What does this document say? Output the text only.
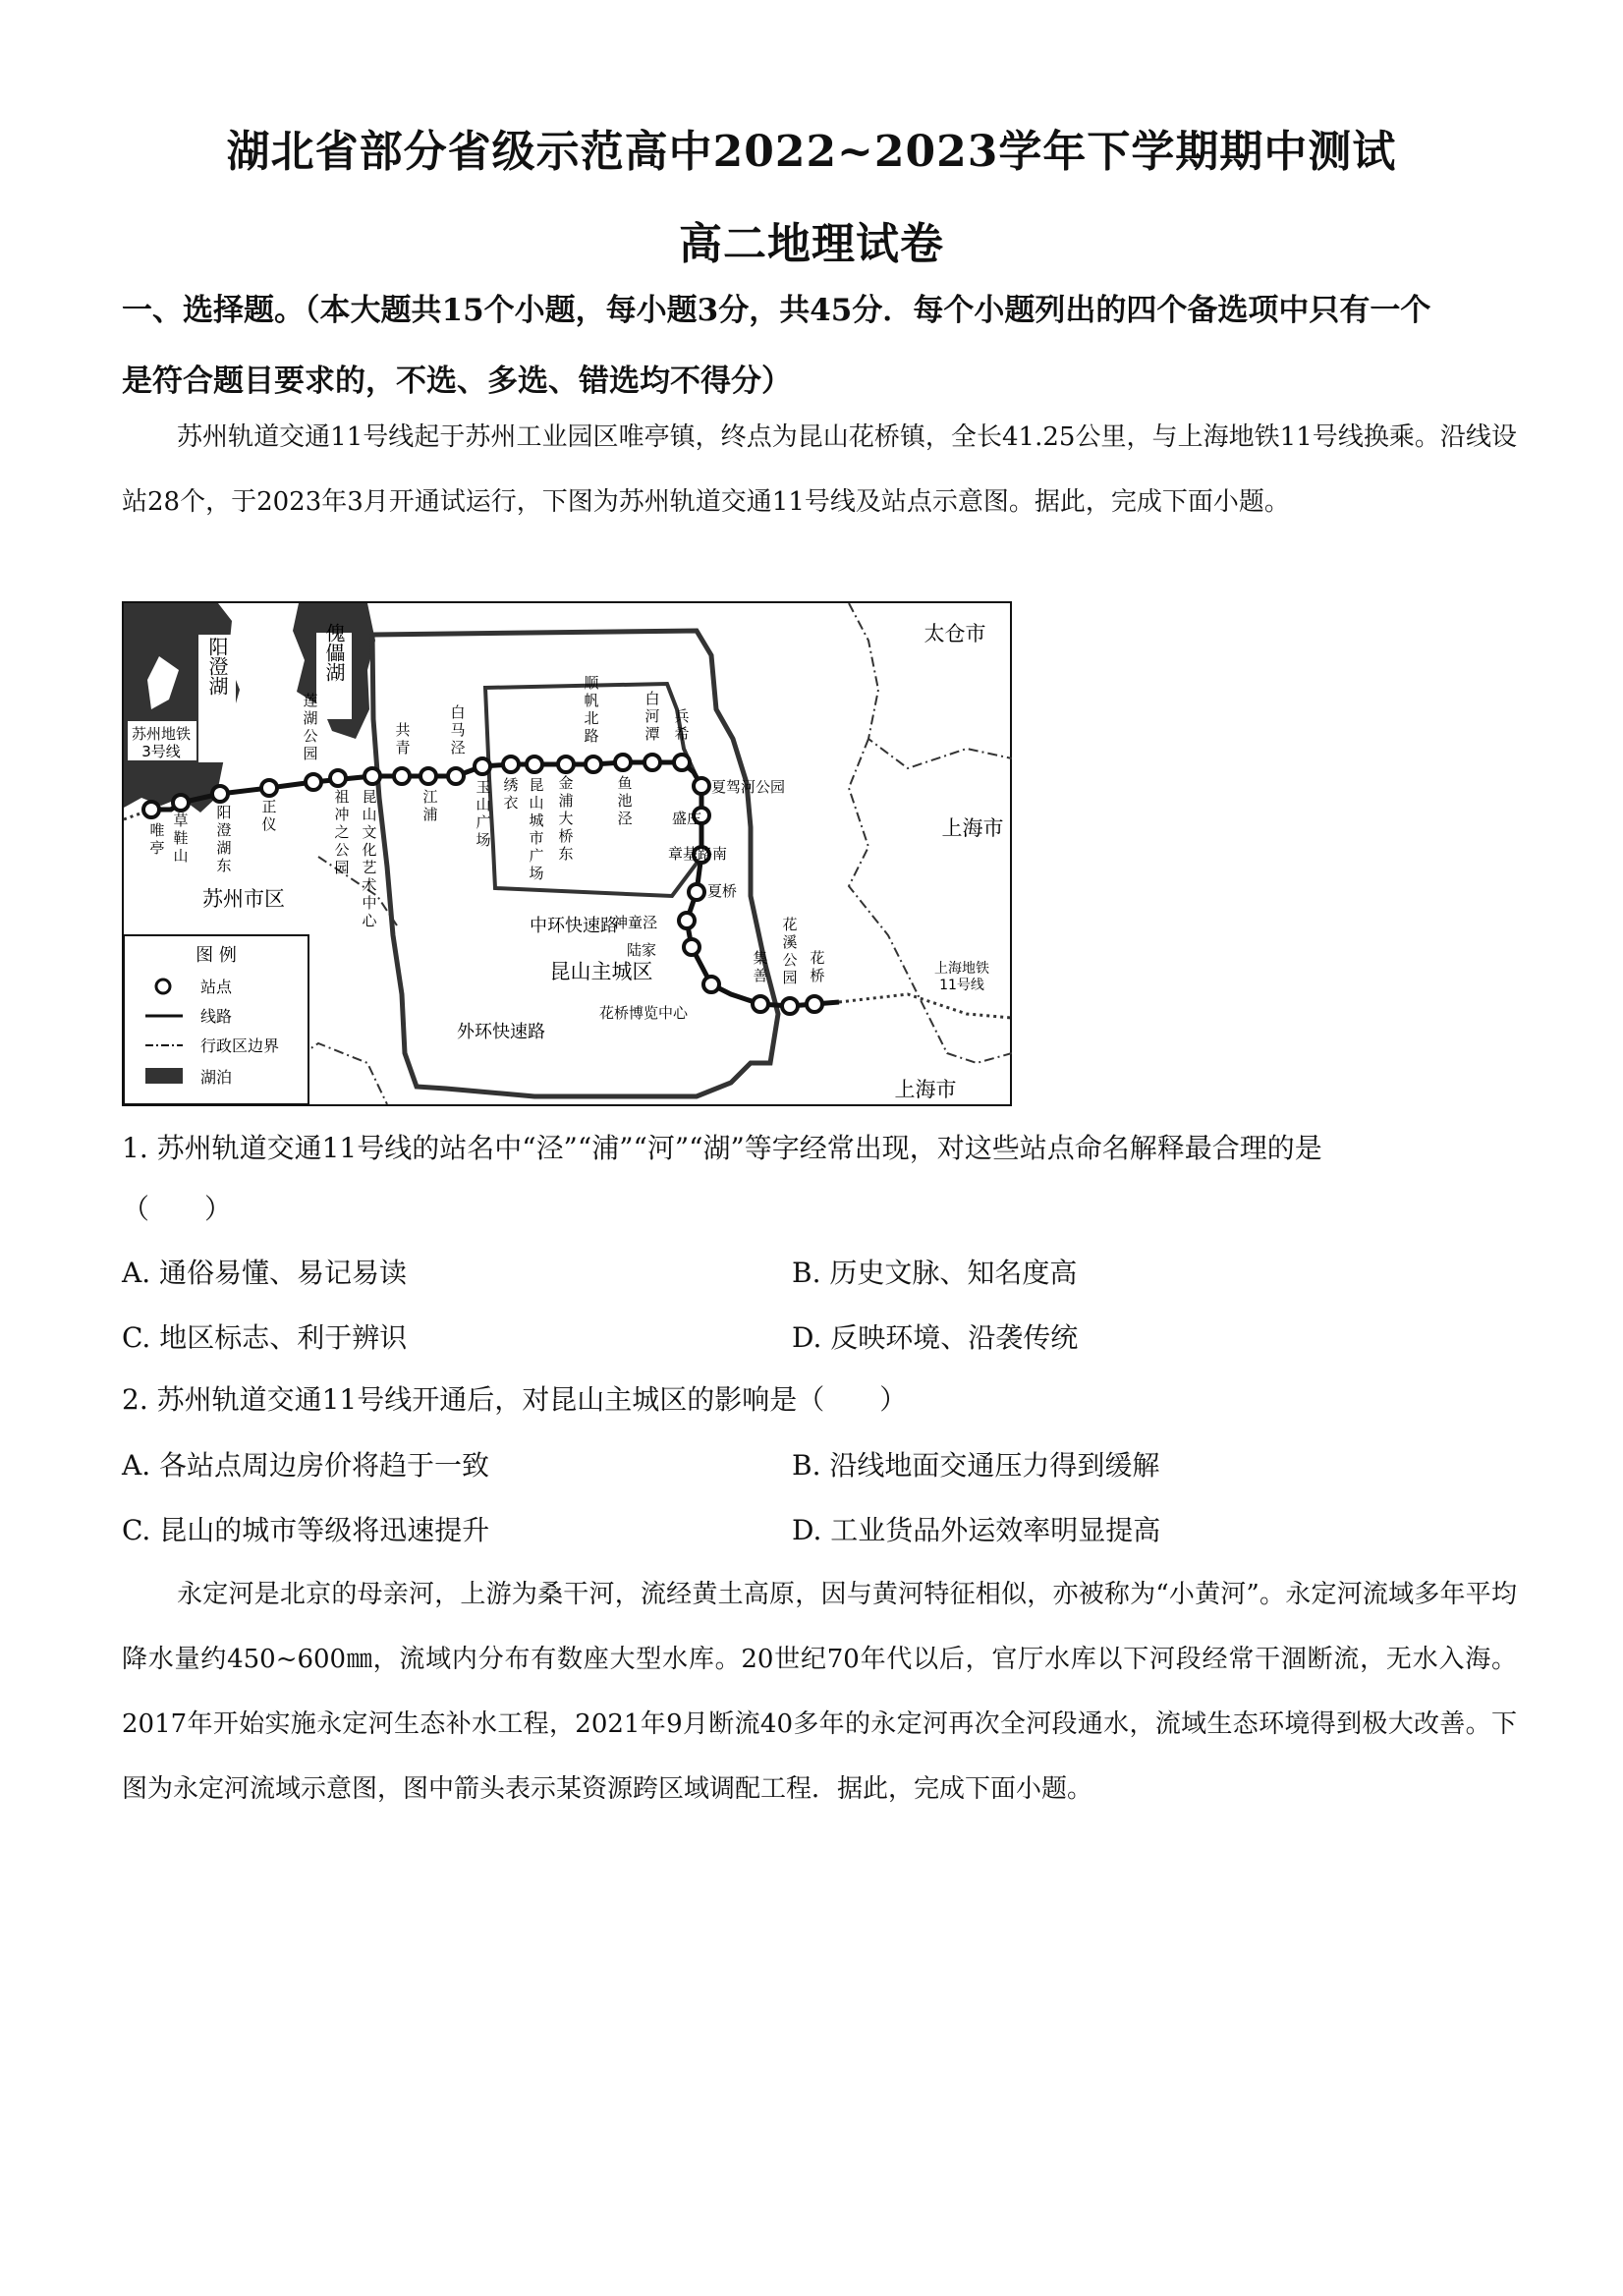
湖北省部分省级示范高中2022~2023学年下学期期中测试
高二地理试卷
一、选择题。（本大题共15个小题，每小题3分，共45分．每个小题列出的四个备选项中只有一个
是符合题目要求的，不选、多选、错选均不得分）
苏州轨道交通11号线起于苏州工业园区唯亭镇，终点为昆山花桥镇，全长41.25公里，与上海地铁11号线换乘。沿线设站28个，于2023年3月开通试运行，下图为苏州轨道交通11号线及站点示意图。据此，完成下面小题。
阳澄湖	傀儡湖
唯亭
草鞋山
阳澄湖东
正仪
莲湖公园
祖冲之公园
昆山文化艺术中心
共青
江浦
白马泾
玉山广场
绣衣
昆山城市广场
金浦大桥东
顺帆北路
鱼池泾
白河潭
兵希
夏驾河公园
盛庄
章基路南
夏桥
神童泾
陆家
花桥博览中心
集善
花溪公园
花桥
太仓市
上海市
上海市
苏州市区
昆山主城区
中环快速路
外环快速路
苏州地铁 3号线
上海地铁 11号线
图 例
站点
线路
行政区边界
湖泊
1. 苏州轨道交通11号线的站名中“泾”“浦”“河”“湖”等字经常出现，对这些站点命名解释最合理的是
（　　）
A. 通俗易懂、易记易读	B. 历史文脉、知名度高
C. 地区标志、利于辨识	D. 反映环境、沿袭传统
2. 苏州轨道交通11号线开通后，对昆山主城区的影响是（　　）
A. 各站点周边房价将趋于一致	B. 沿线地面交通压力得到缓解
C. 昆山的城市等级将迅速提升	D. 工业货品外运效率明显提高
永定河是北京的母亲河，上游为桑干河，流经黄土高原，因与黄河特征相似，亦被称为“小黄河”。永定河流域多年平均降水量约450~600㎜，流域内分布有数座大型水库。20世纪70年代以后，官厅水库以下河段经常干涸断流，无水入海。2017年开始实施永定河生态补水工程，2021年9月断流40多年的永定河再次全河段通水，流域生态环境得到极大改善。下图为永定河流域示意图，图中箭头表示某资源跨区域调配工程．据此，完成下面小题。
